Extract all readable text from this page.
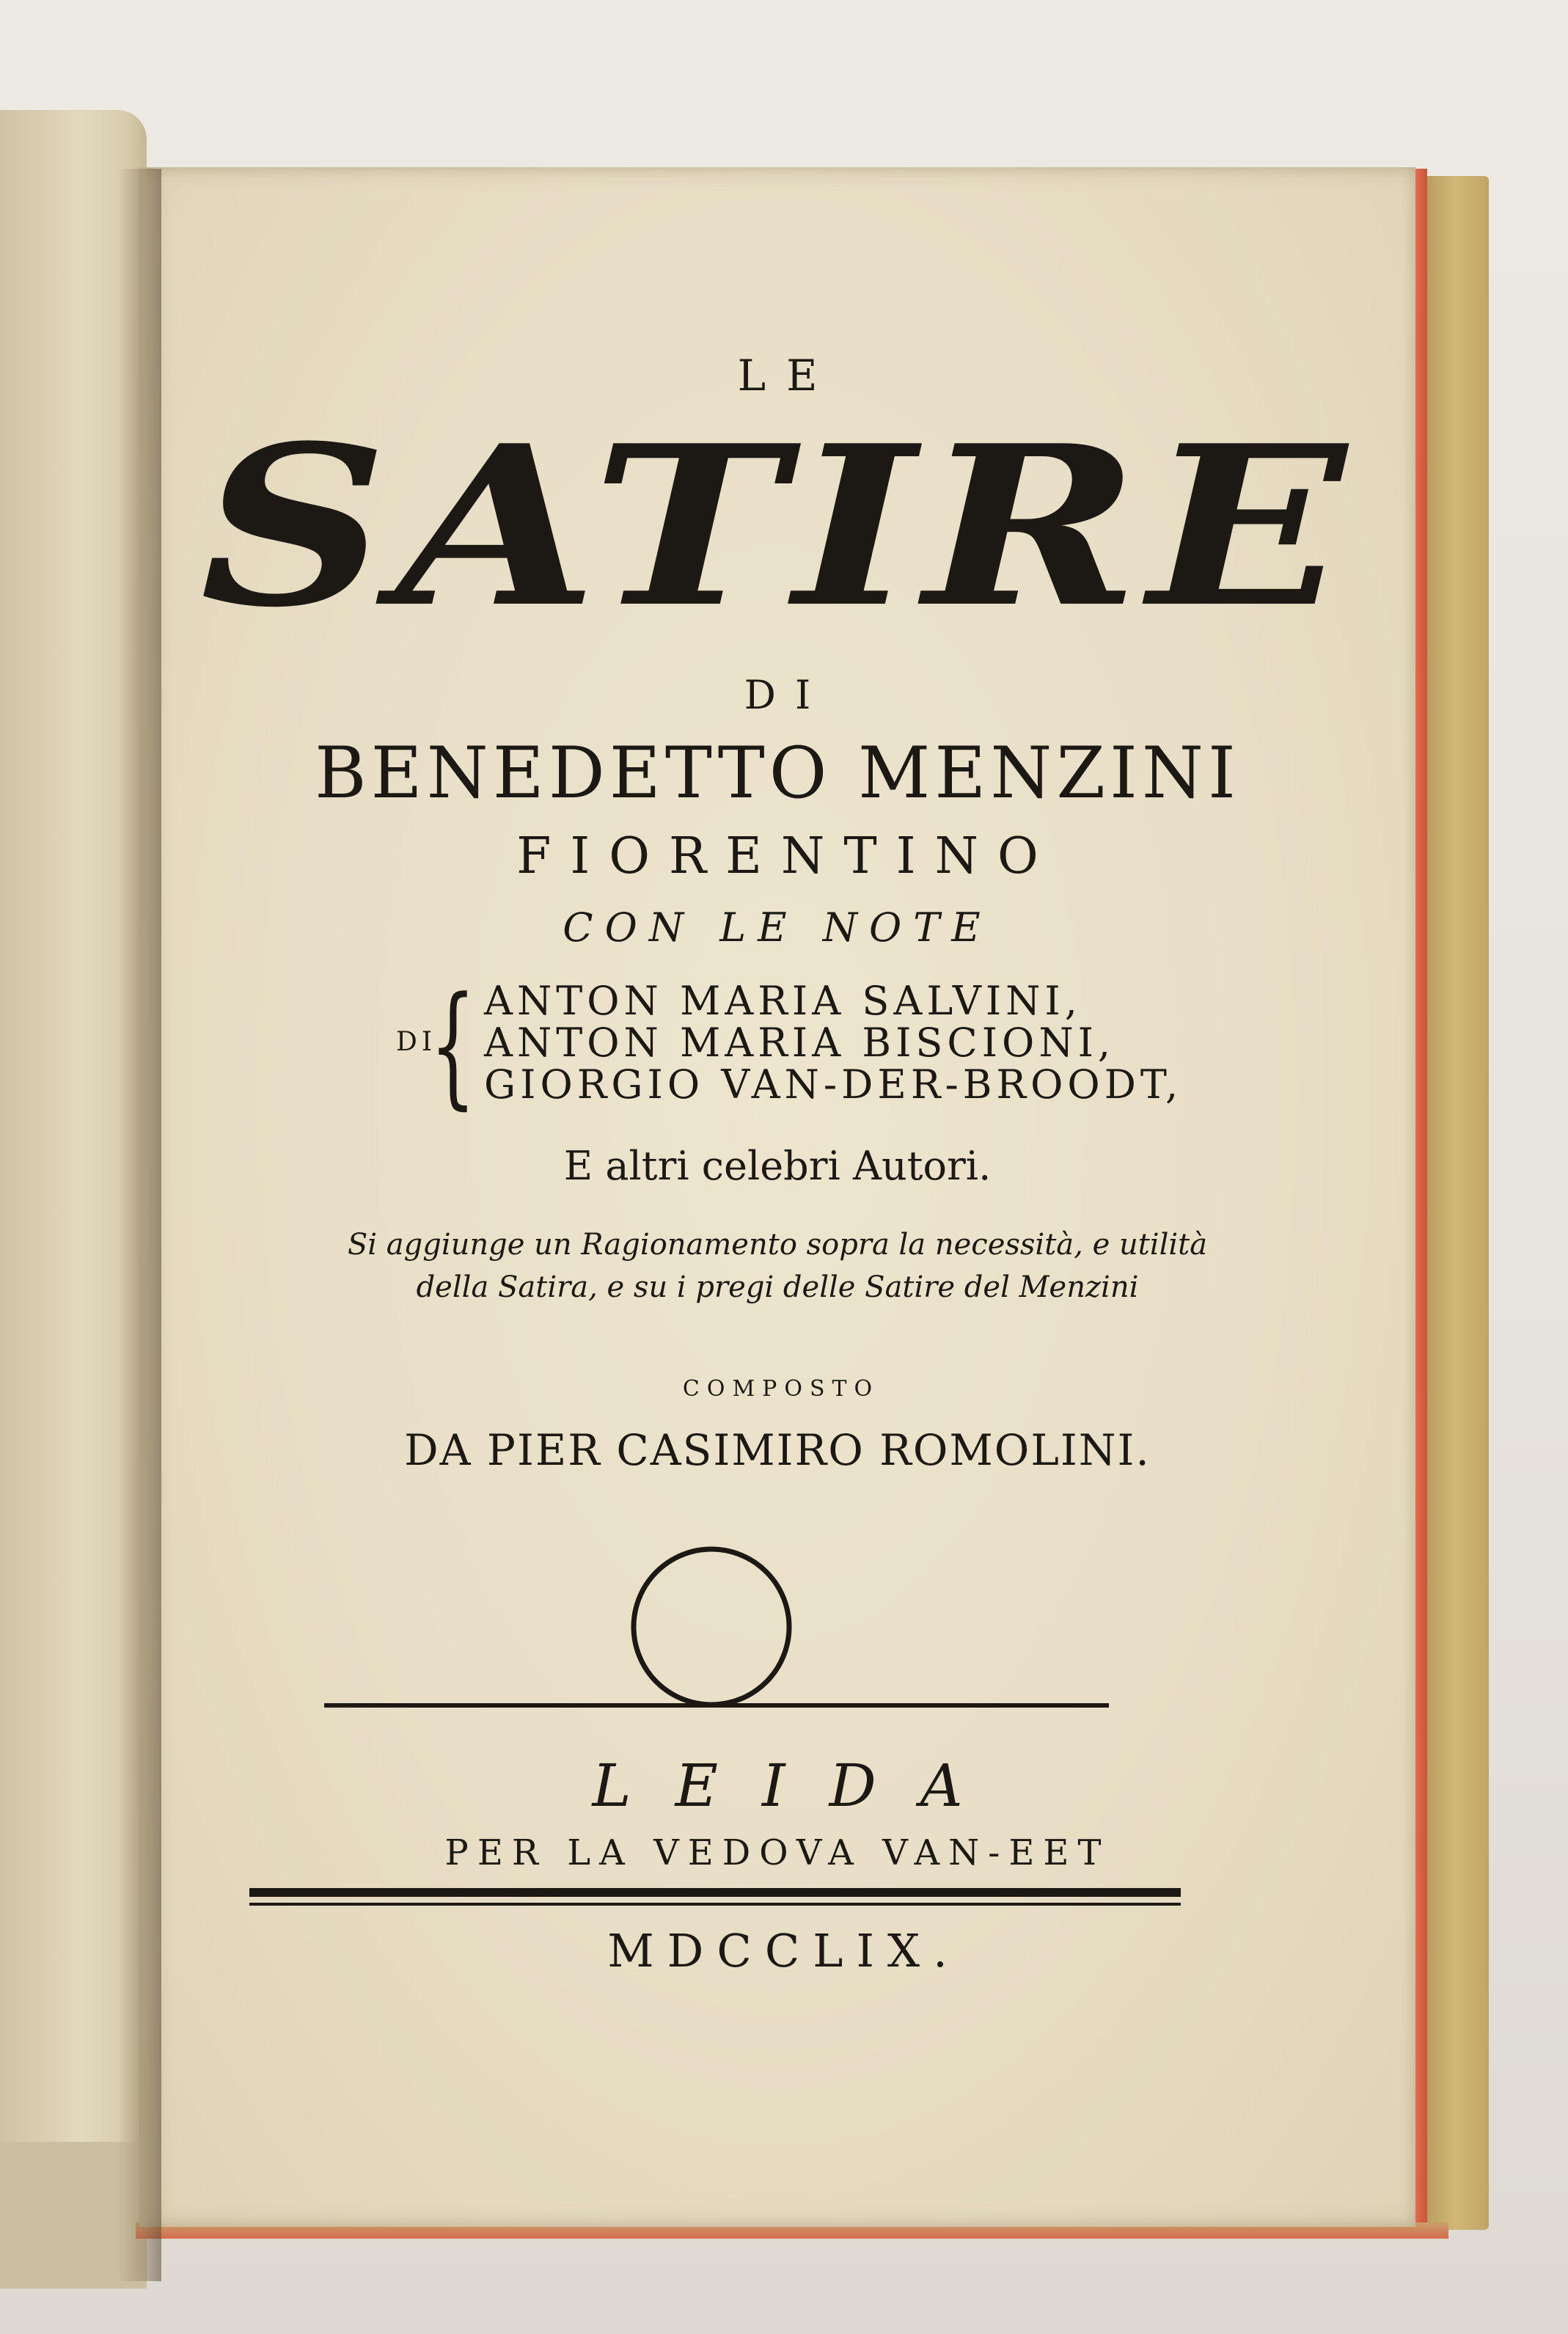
LE
SATIRE
DI
BENEDETTO MENZINI
FIORENTINO
CON LE NOTE
DI
{ ANTON MARIA SALVINI,
ANTON MARIA BISCIONI,
GIORGIO VAN-DER-BROODT,
E altri celebri Autori.
Si aggiunge un Ragionamento sopra la necessità, e utilità
della Satira, e su i pregi delle Satire del Menzini
COMPOSTO
DA PIER CASIMIRO ROMOLINI.
LEIDA
PER LA VEDOVA VAN-EET
MDCCLIX.
